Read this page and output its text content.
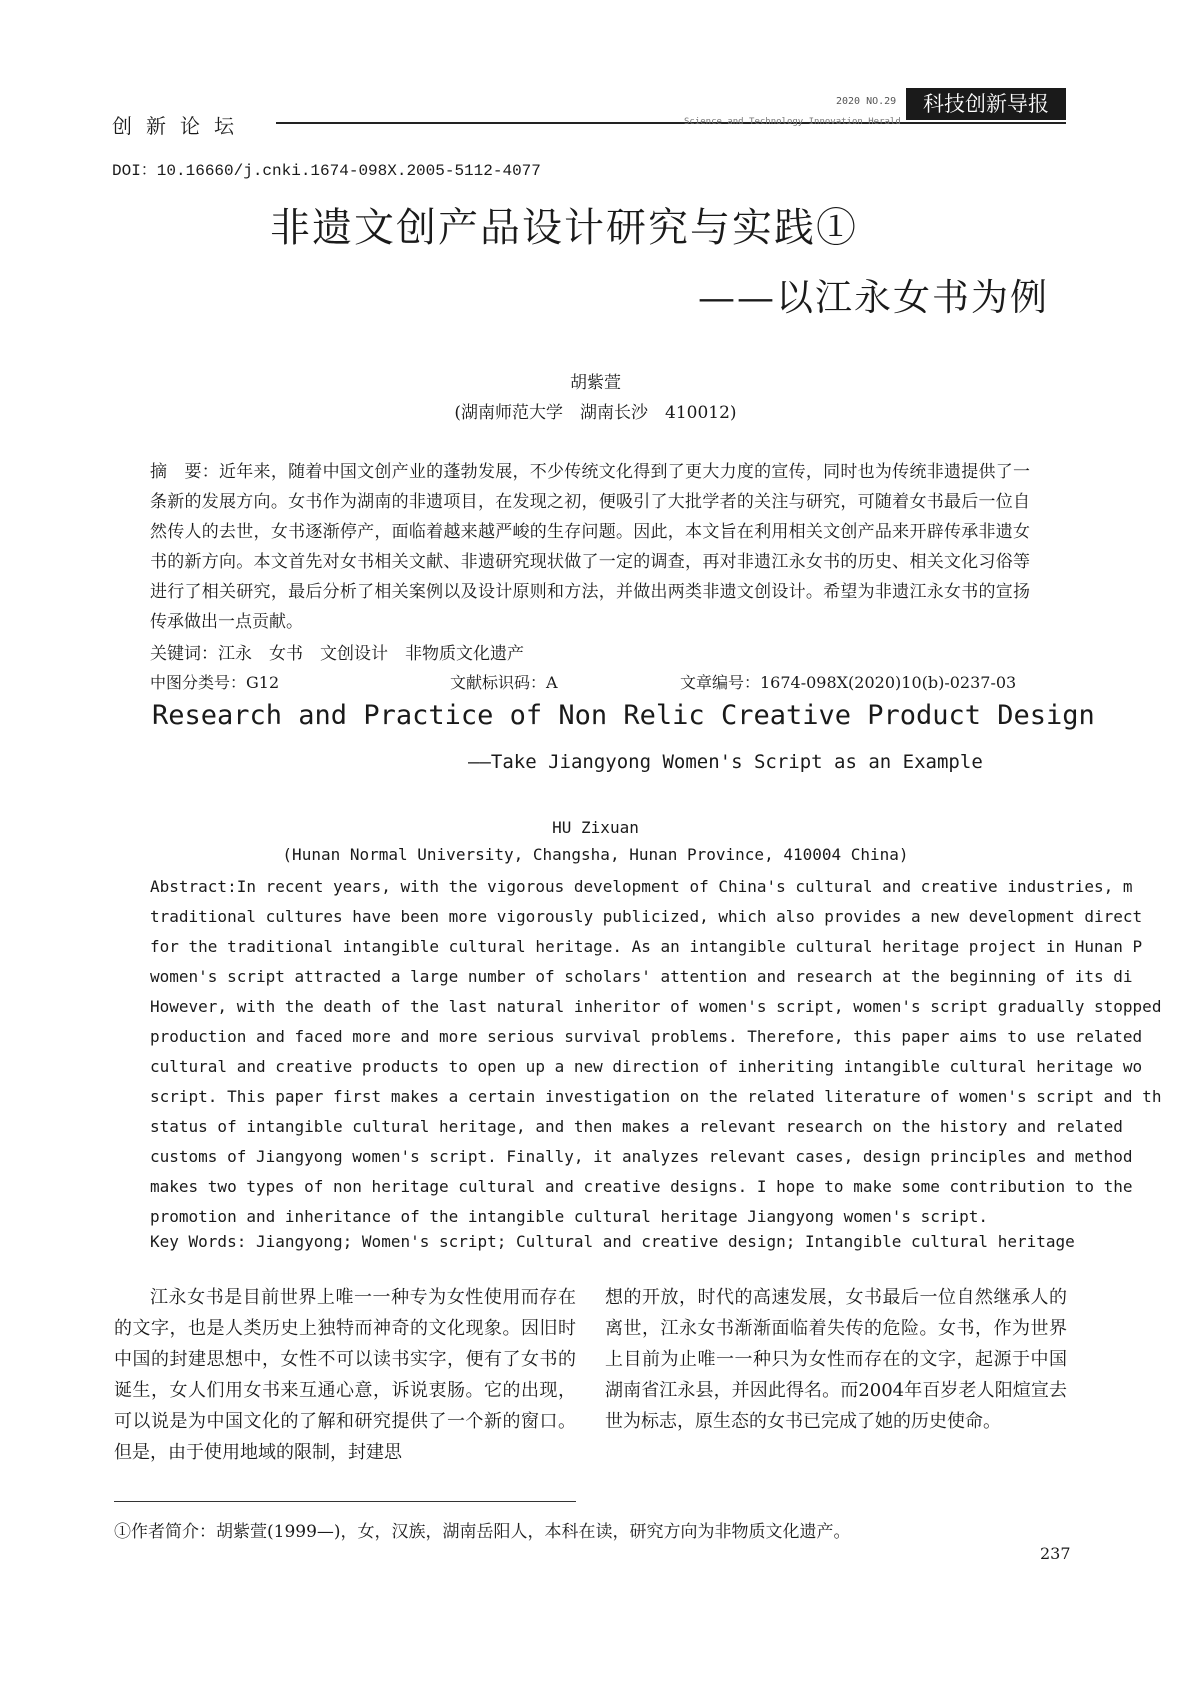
创新论坛
2020 NO.29
Science and Technology Innovation Herald
科技创新导报
DOI：10.16660/j.cnki.1674-098X.2005-5112-4077
非遗文创产品设计研究与实践①
——以江永女书为例
胡紫萱
(湖南师范大学　湖南长沙　410012)
摘　要：近年来，随着中国文创产业的蓬勃发展，不少传统文化得到了更大力度的宣传，同时也为传统非遗提供了一条新的发展方向。女书作为湖南的非遗项目，在发现之初，便吸引了大批学者的关注与研究，可随着女书最后一位自然传人的去世，女书逐渐停产，面临着越来越严峻的生存问题。因此，本文旨在利用相关文创产品来开辟传承非遗女书的新方向。本文首先对女书相关文献、非遗研究现状做了一定的调查，再对非遗江永女书的历史、相关文化习俗等进行了相关研究，最后分析了相关案例以及设计原则和方法，并做出两类非遗文创设计。希望为非遗江永女书的宣扬传承做出一点贡献。
关键词：江永　女书　文创设计　非物质文化遗产
中图分类号：G12	文献标识码：A	文章编号：1674-098X(2020)10(b)-0237-03
Research and Practice of Non Relic Creative Product Design
——Take Jiangyong Women's Script as an Example
HU Zixuan
(Hunan Normal University, Changsha, Hunan Province, 410004 China)
Abstract:In recent years, with the vigorous development of China's cultural and creative industries, m
traditional cultures have been more vigorously publicized, which also provides a new development direct
for the traditional intangible cultural heritage. As an intangible cultural heritage project in Hunan P
women's script attracted a large number of scholars' attention and research at the beginning of its di
However, with the death of the last natural inheritor of women's script, women's script gradually stopped
production and faced more and more serious survival problems. Therefore, this paper aims to use related
cultural and creative products to open up a new direction of inheriting intangible cultural heritage wo
script. This paper first makes a certain investigation on the related literature of women's script and th
status of intangible cultural heritage, and then makes a relevant research on the history and related
customs of Jiangyong women's script. Finally, it analyzes relevant cases, design principles and method
makes two types of non heritage cultural and creative designs. I hope to make some contribution to the
promotion and inheritance of the intangible cultural heritage Jiangyong women's script.
Key Words: Jiangyong; Women's script; Cultural and creative design; Intangible cultural heritage
江永女书是目前世界上唯一一种专为女性使用而存在的文字，也是人类历史上独特而神奇的文化现象。因旧时中国的封建思想中，女性不可以读书实字，便有了女书的诞生，女人们用女书来互通心意，诉说衷肠。它的出现，可以说是为中国文化的了解和研究提供了一个新的窗口。但是，由于使用地域的限制，封建思
想的开放，时代的高速发展，女书最后一位自然继承人的离世，江永女书渐渐面临着失传的危险。女书，作为世界上目前为止唯一一种只为女性而存在的文字，起源于中国湖南省江永县，并因此得名。而2004年百岁老人阳煊宣去世为标志，原生态的女书已完成了她的历史使命。
①作者简介：胡紫萱(1999—)，女，汉族，湖南岳阳人，本科在读，研究方向为非物质文化遗产。
237
